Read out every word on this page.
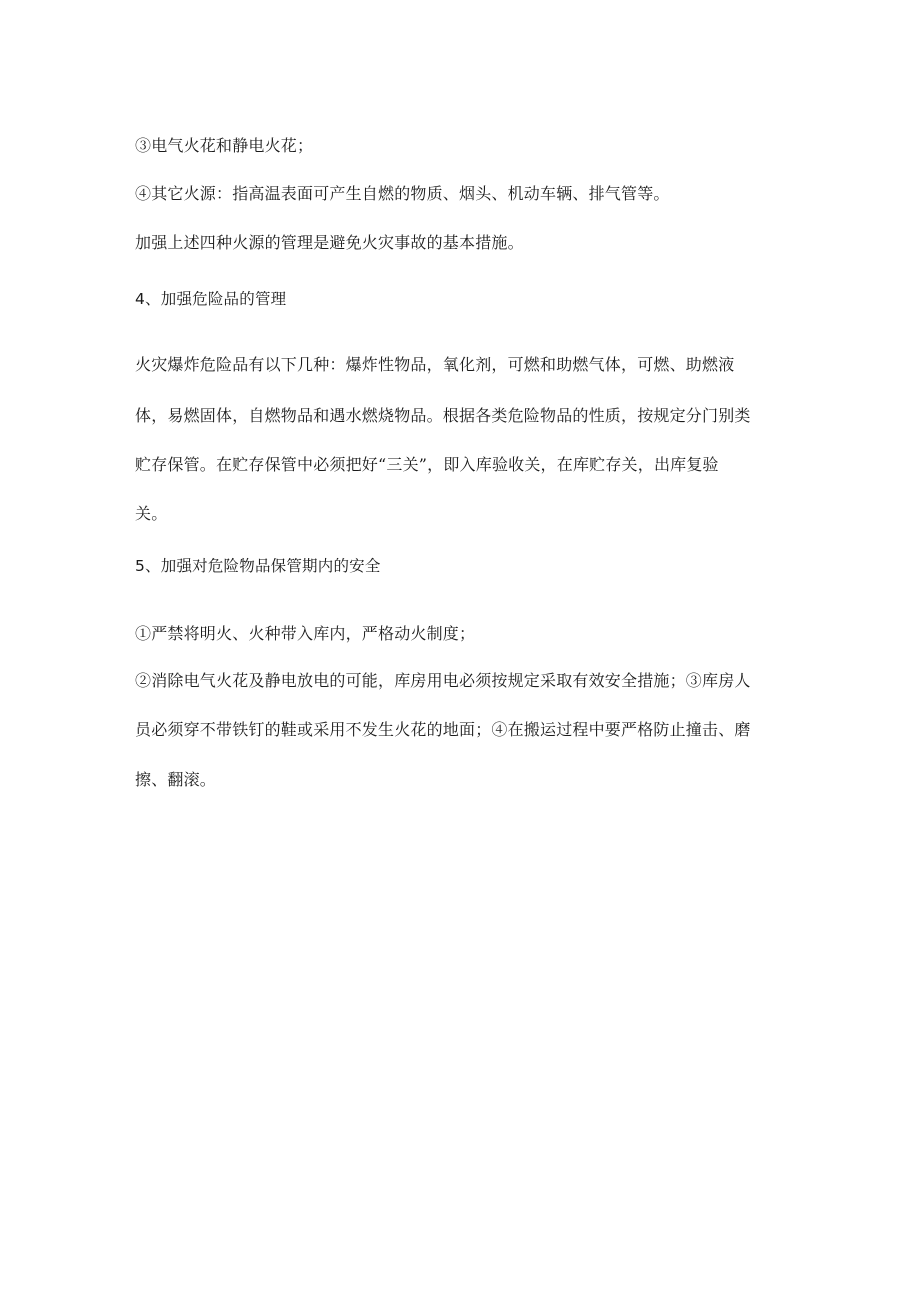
③电气火花和静电火花；
④其它火源：指高温表面可产生自燃的物质、烟头、机动车辆、排气管等。
加强上述四种火源的管理是避免火灾事故的基本措施。
4、加强危险品的管理
火灾爆炸危险品有以下几种：爆炸性物品，氧化剂，可燃和助燃气体，可燃、助燃液
体，易燃固体，自燃物品和遇水燃烧物品。根据各类危险物品的性质，按规定分门别类
贮存保管。在贮存保管中必须把好“三关”，即入库验收关，在库贮存关，出库复验
关。
5、加强对危险物品保管期内的安全
①严禁将明火、火种带入库内，严格动火制度；
②消除电气火花及静电放电的可能，库房用电必须按规定采取有效安全措施；③库房人
员必须穿不带铁钉的鞋或采用不发生火花的地面；④在搬运过程中要严格防止撞击、磨
擦、翻滚。
